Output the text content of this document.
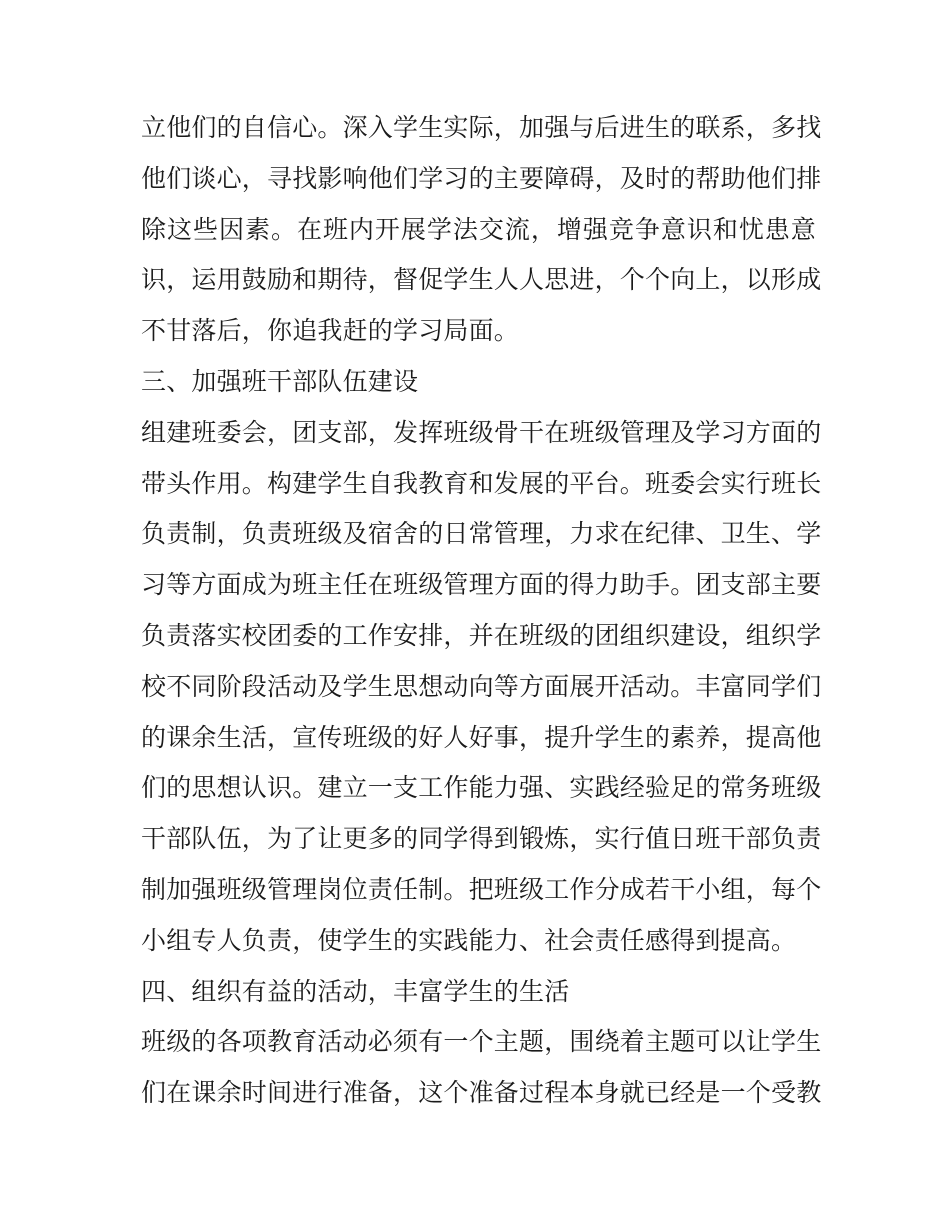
立他们的自信心。深入学生实际，加强与后进生的联系，多找
他们谈心，寻找影响他们学习的主要障碍，及时的帮助他们排
除这些因素。在班内开展学法交流，增强竞争意识和忧患意
识，运用鼓励和期待，督促学生人人思进，个个向上，以形成
不甘落后，你追我赶的学习局面。
三、加强班干部队伍建设
组建班委会，团支部，发挥班级骨干在班级管理及学习方面的
带头作用。构建学生自我教育和发展的平台。班委会实行班长
负责制，负责班级及宿舍的日常管理，力求在纪律、卫生、学
习等方面成为班主任在班级管理方面的得力助手。团支部主要
负责落实校团委的工作安排，并在班级的团组织建设，组织学
校不同阶段活动及学生思想动向等方面展开活动。丰富同学们
的课余生活，宣传班级的好人好事，提升学生的素养，提高他
们的思想认识。建立一支工作能力强、实践经验足的常务班级
干部队伍，为了让更多的同学得到锻炼，实行值日班干部负责
制加强班级管理岗位责任制。把班级工作分成若干小组，每个
小组专人负责，使学生的实践能力、社会责任感得到提高。
四、组织有益的活动，丰富学生的生活
班级的各项教育活动必须有一个主题，围绕着主题可以让学生
们在课余时间进行准备，这个准备过程本身就已经是一个受教
